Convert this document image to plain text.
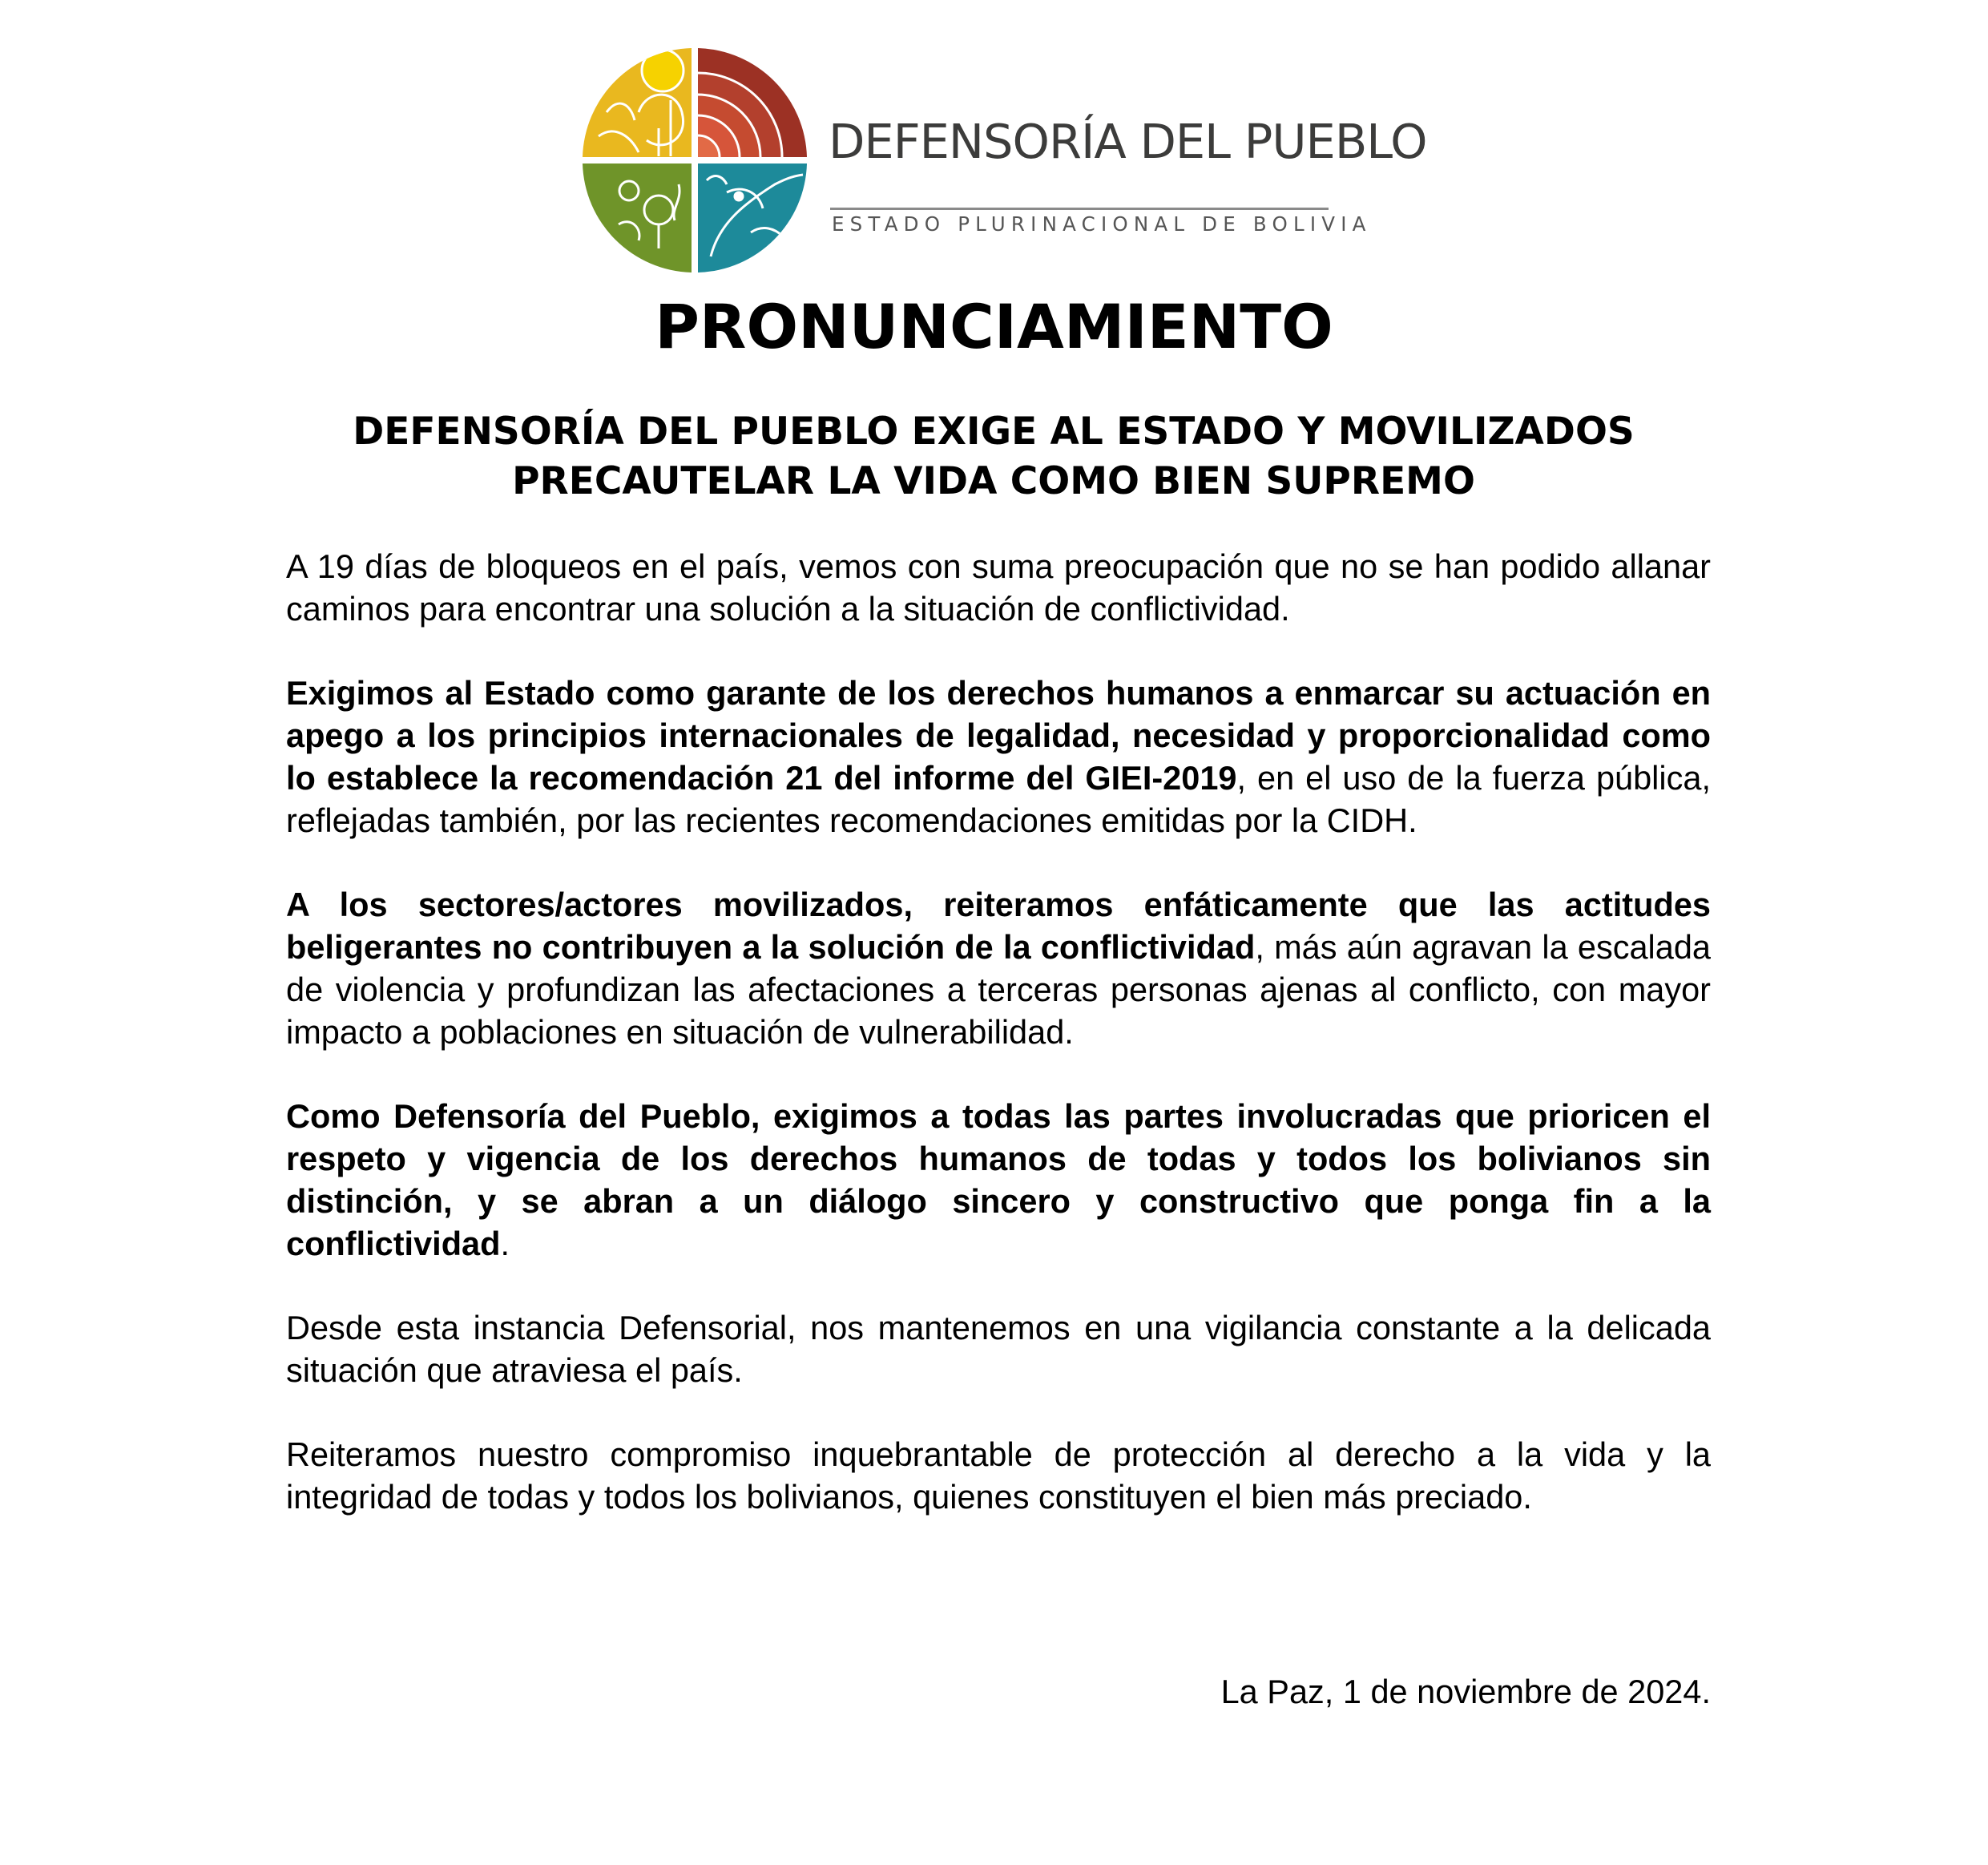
DEFENSORÍA DEL PUEBLO
ESTADO PLURINACIONAL DE BOLIVIA
PRONUNCIAMIENTO
DEFENSORÍA DEL PUEBLO EXIGE AL ESTADO Y MOVILIZADOS
PRECAUTELAR LA VIDA COMO BIEN SUPREMO

A 19 días de bloqueos en el país, vemos con suma preocupación que no se han podido allanar caminos para encontrar una solución a la situación de conflictividad.

Exigimos al Estado como garante de los derechos humanos a enmarcar su actuación en apego a los principios internacionales de legalidad, necesidad y proporcionalidad como lo establece la recomendación 21 del informe del GIEI-2019, en el uso de la fuerza pública, reflejadas también, por las recientes recomendaciones emitidas por la CIDH.

A los sectores/actores movilizados, reiteramos enfáticamente que las actitudes beligerantes no contribuyen a la solución de la conflictividad, más aún agravan la escalada de violencia y profundizan las afectaciones a terceras personas ajenas al conflicto, con mayor impacto a poblaciones en situación de vulnerabilidad.

Como Defensoría del Pueblo, exigimos a todas las partes involucradas que prioricen el respeto y vigencia de los derechos humanos de todas y todos los bolivianos sin distinción, y se abran a un diálogo sincero y constructivo que ponga fin a la conflictividad.

Desde esta instancia Defensorial, nos mantenemos en una vigilancia constante a la delicada situación que atraviesa el país.

Reiteramos nuestro compromiso inquebrantable de protección al derecho a la vida y la integridad de todas y todos los bolivianos, quienes constituyen el bien más preciado.

La Paz, 1 de noviembre de 2024.
